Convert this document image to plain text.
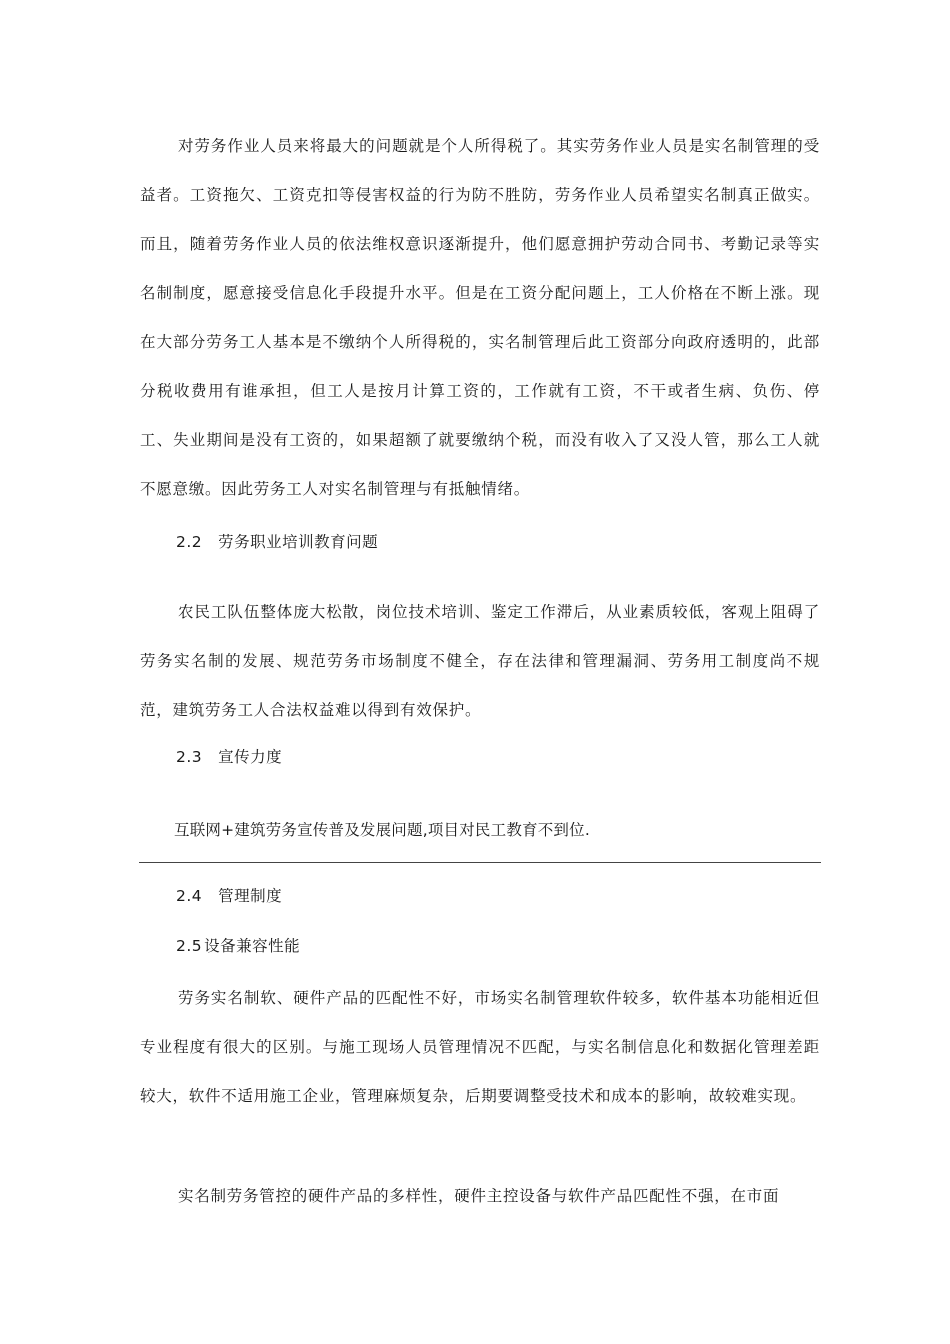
对劳务作业人员来将最大的问题就是个人所得税了。其实劳务作业人员是实名制管理的受益者。工资拖欠、工资克扣等侵害权益的行为防不胜防，劳务作业人员希望实名制真正做实。而且，随着劳务作业人员的依法维权意识逐渐提升，他们愿意拥护劳动合同书、考勤记录等实名制制度，愿意接受信息化手段提升水平。但是在工资分配问题上，工人价格在不断上涨。现在大部分劳务工人基本是不缴纳个人所得税的，实名制管理后此工资部分向政府透明的，此部分税收费用有谁承担，但工人是按月计算工资的，工作就有工资，不干或者生病、负伤、停工、失业期间是没有工资的，如果超额了就要缴纳个税，而没有收入了又没人管，那么工人就不愿意缴。因此劳务工人对实名制管理与有抵触情绪。

2.2 劳务职业培训教育问题

农民工队伍整体庞大松散，岗位技术培训、鉴定工作滞后，从业素质较低，客观上阻碍了劳务实名制的发展、规范劳务市场制度不健全，存在法律和管理漏洞、劳务用工制度尚不规范，建筑劳务工人合法权益难以得到有效保护。

2.3 宣传力度

互联网+建筑劳务宣传普及发展问题,项目对民工教育不到位.

2.4 管理制度
2.5 设备兼容性能

劳务实名制软、硬件产品的匹配性不好，市场实名制管理软件较多，软件基本功能相近但专业程度有很大的区别。与施工现场人员管理情况不匹配，与实名制信息化和数据化管理差距较大，软件不适用施工企业，管理麻烦复杂，后期要调整受技术和成本的影响，故较难实现。

实名制劳务管控的硬件产品的多样性，硬件主控设备与软件产品匹配性不强，在市面
